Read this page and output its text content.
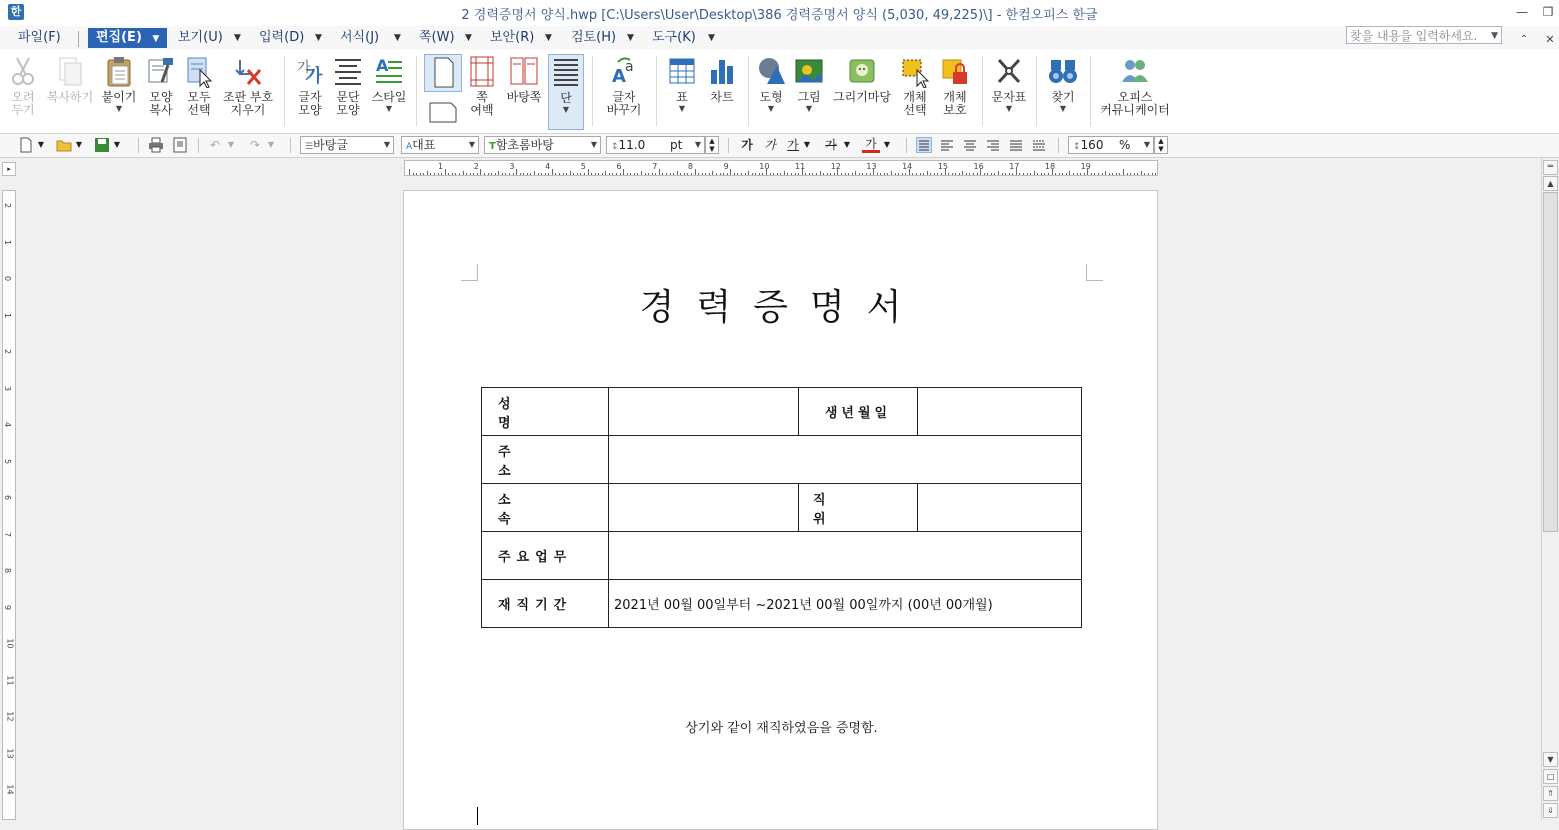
한	2 경력증명서 양식.hwp [C:\Users\User\Desktop\386 경력증명서 양식 (5,030, 49,225)\] - 한컴오피스 한글	—	❐
파일(F)	편집(E) ▼	보기(U)	▼	입력(D)	▼	서식(J)	▼	쪽(W)	▼	보안(R)	▼	검토(H)	▼	도구(K)	▼	⌃	✕
찾을 내용을 입력하세요. ▼
오려
두기
복사하기 붙이기
▼
모양
복사
모두
선택
조판 부호
지우기
가
가
글자
모양
문단
모양
A
스타일
▼
쪽
여백
바탕쪽	단
▼
A a
글자
바꾸기
표
▼
차트	도형
▼
그림
▼
그리기마당	개체
선택
개체
보호
문자표
▼
찾기
▼
오피스
커뮤니케이터
▼	▼	▼	↶ ▼	↷ ▼	☰바탕글	▼	A대표	▼	T함초롬바탕	▼	↕11.0 pt ▼	▲
▼	가 가 가 ▼ 가 ▼ 가 ▼	↕160 % ▼	▲
▼
▸	1	2	3	4	5	6	7	8	9	10	11	12	13	14	15	16	17	18	19
2
1
0
1
2
3
4
5
6
7
8
9
10
11
12
13
14
경력증명서
성명		생년월일	
주소			
소속		직위	
주요업무			
재직기간	2021년 00월 00일부터 ~2021년 00월 00일까지 (00년 00개월)		
상기와 같이 재직하였음을 증명함.
═
▲
▼
□
⇑
⇓
